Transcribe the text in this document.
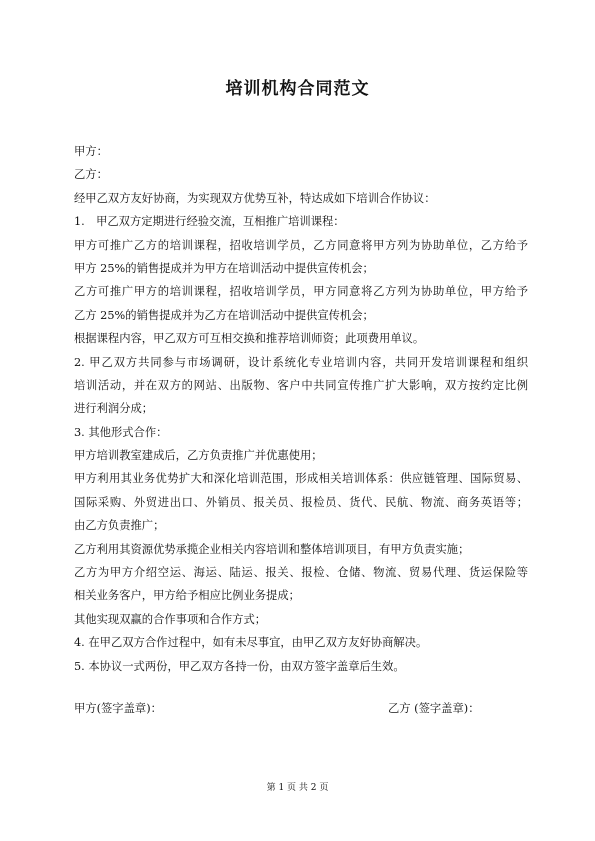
培训机构合同范文
甲方：
乙方：
经甲乙双方友好协商，为实现双方优势互补，特达成如下培训合作协议：
1.　甲乙双方定期进行经验交流，互相推广培训课程：
甲方可推广乙方的培训课程，招收培训学员，乙方同意将甲方列为协助单位，乙方给予
甲方 25%的销售提成并为甲方在培训活动中提供宣传机会；
乙方可推广甲方的培训课程，招收培训学员，甲方同意将乙方列为协助单位，甲方给予
乙方 25%的销售提成并为乙方在培训活动中提供宣传机会；
根据课程内容，甲乙双方可互相交换和推荐培训师资；此项费用单议。
2. 甲乙双方共同参与市场调研，设计系统化专业培训内容，共同开发培训课程和组织
培训活动，并在双方的网站、出版物、客户中共同宣传推广扩大影响，双方按约定比例
进行利润分成；
3. 其他形式合作：
甲方培训教室建成后，乙方负责推广并优惠使用；
甲方利用其业务优势扩大和深化培训范围，形成相关培训体系：供应链管理、国际贸易、
国际采购、外贸进出口、外销员、报关员、报检员、货代、民航、物流、商务英语等；
由乙方负责推广；
乙方利用其资源优势承揽企业相关内容培训和整体培训项目，有甲方负责实施；
乙方为甲方介绍空运、海运、陆运、报关、报检、仓储、物流、贸易代理、货运保险等
相关业务客户，甲方给予相应比例业务提成；
其他实现双赢的合作事项和合作方式；
4. 在甲乙双方合作过程中，如有未尽事宜，由甲乙双方友好协商解决。
5. 本协议一式两份，甲乙双方各持一份，由双方签字盖章后生效。
甲方(签字盖章)：	乙方 (签字盖章)：
第 1 页 共 2 页
